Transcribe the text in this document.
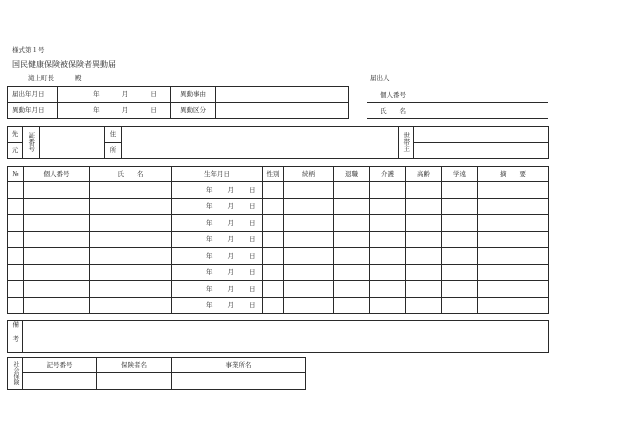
様式第１号
国民健康保険被保険者異動届
滝上町長	殿	届出人
個人番号
氏　　名
届出年月日	年 月 日	異動事由	
異動年月日	年 月 日	異動区分	
先	証番号		住		世帯主	
元			所			
№	個人番号	氏　　名	生年月日	性別	続柄	退職	介護	高齢	学遠	摘　　要
			年 月 日							
			年 月 日							
			年 月 日							
			年 月 日							
			年 月 日							
			年 月 日							
			年 月 日							
			年 月 日							
備考	
社会保険	記号番号	保険者名	事業所名
